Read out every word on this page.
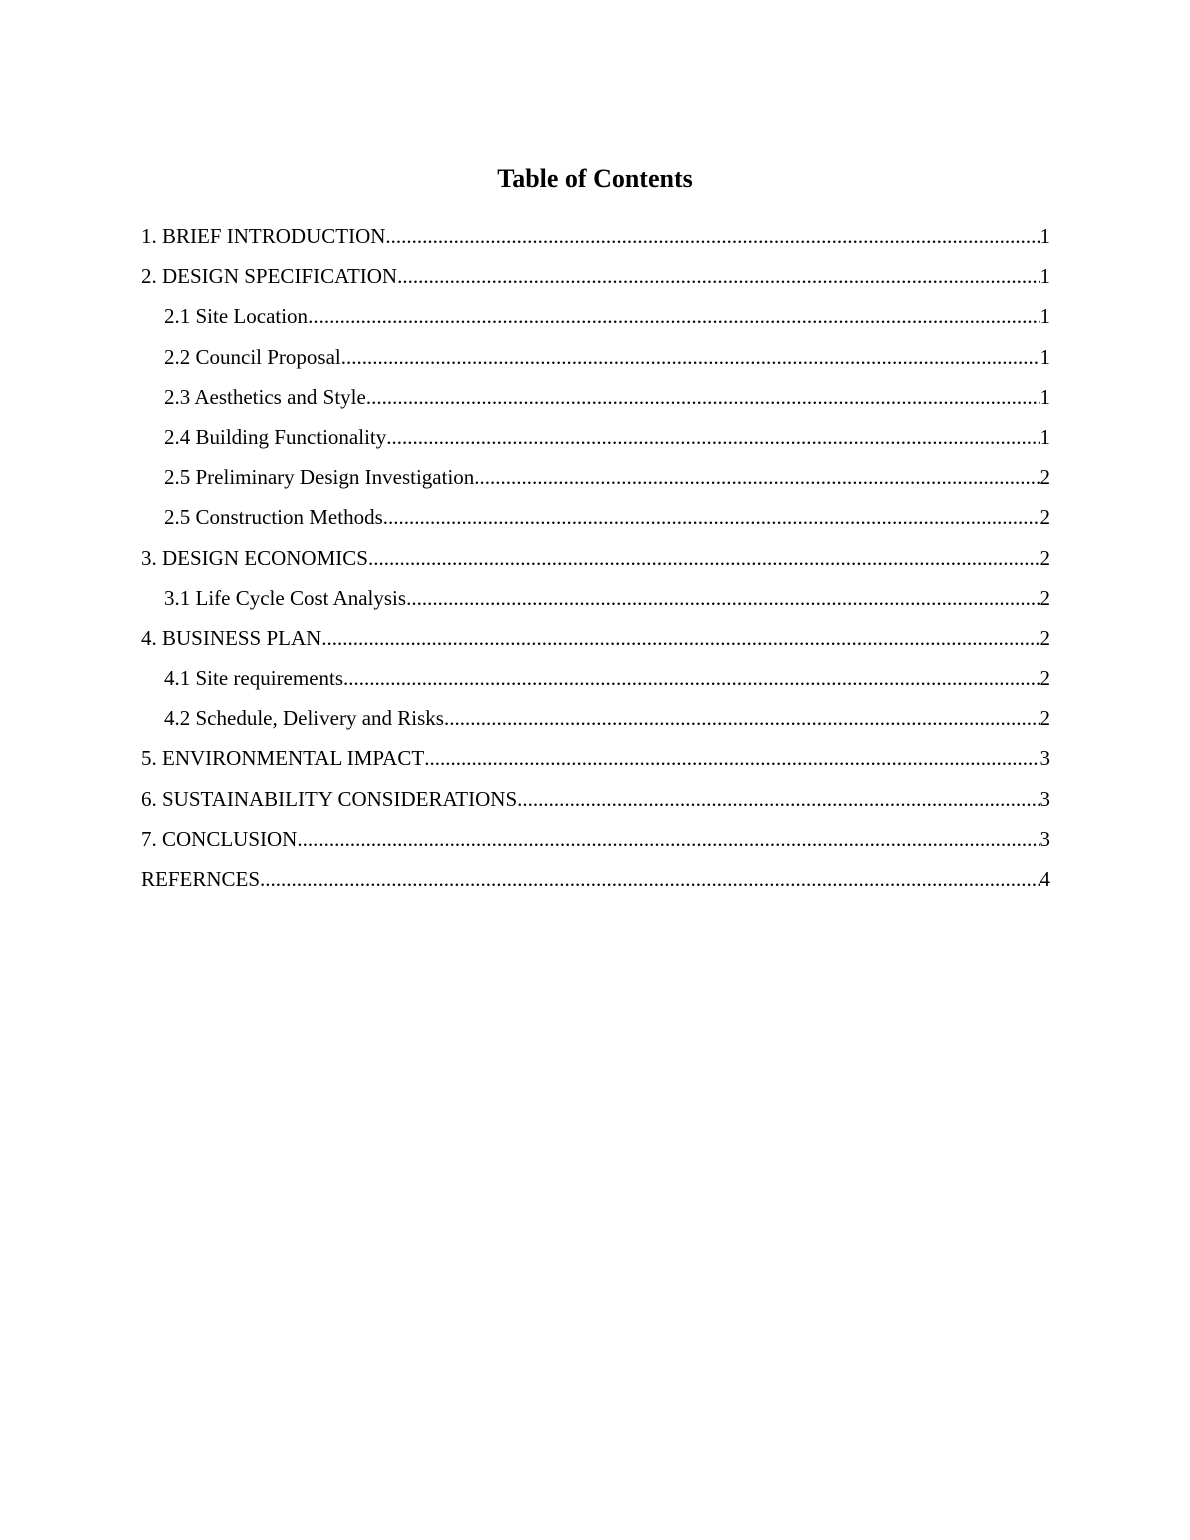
Table of Contents
1. BRIEF INTRODUCTION .....	1
2. DESIGN SPECIFICATION .....	1
2.1 Site Location .....	1
2.2 Council Proposal .....	1
2.3 Aesthetics and Style .....	1
2.4 Building Functionality .....	1
2.5 Preliminary Design Investigation .....	2
2.5 Construction Methods .....	2
3. DESIGN ECONOMICS .....	2
3.1 Life Cycle Cost Analysis .....	2
4. BUSINESS PLAN .....	2
4.1 Site requirements .....	2
4.2 Schedule, Delivery and Risks .....	2
5. ENVIRONMENTAL IMPACT .....	3
6. SUSTAINABILITY CONSIDERATIONS .....	3
7. CONCLUSION .....	3
REFERNCES .....	4
